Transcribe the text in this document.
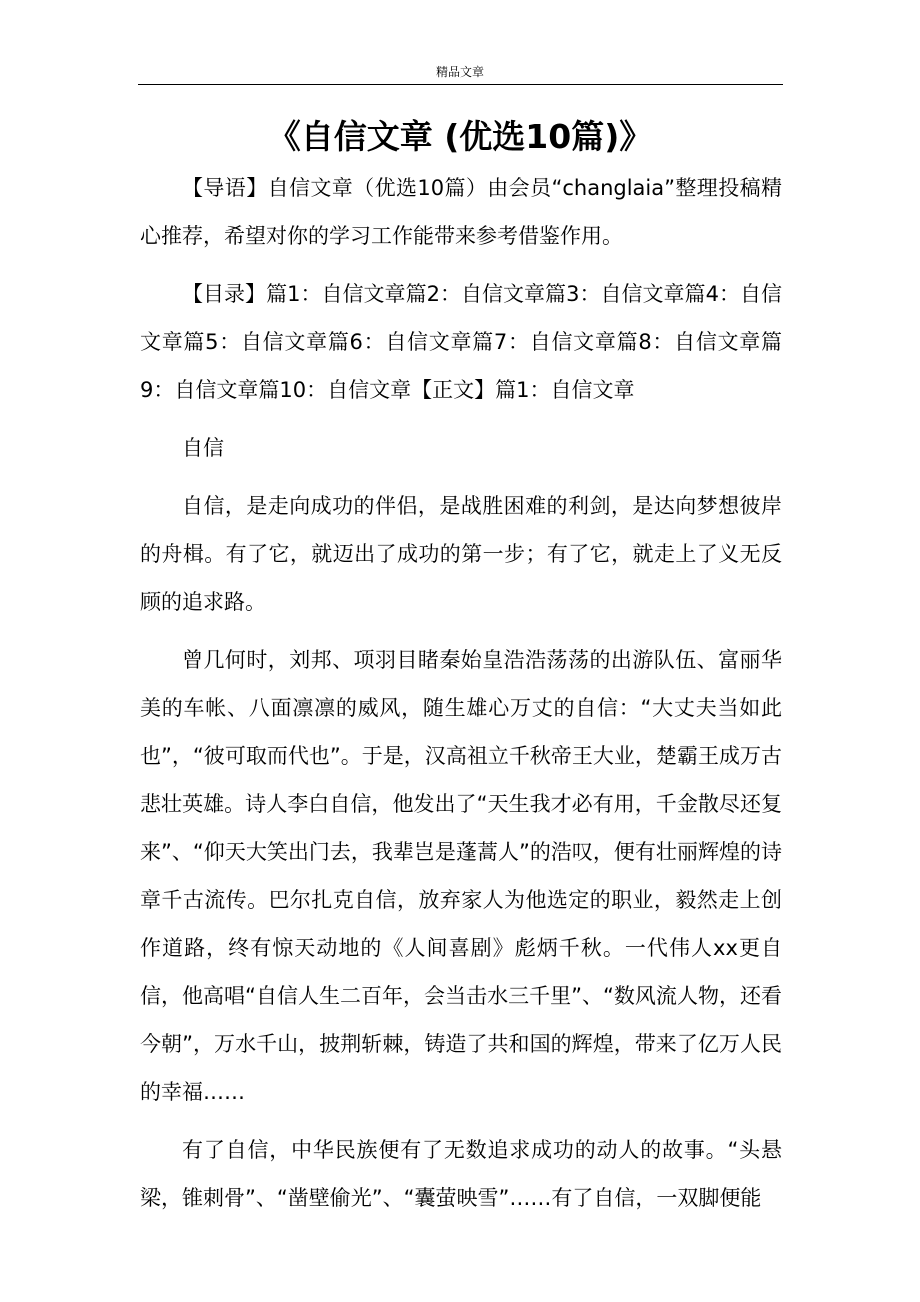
精品文章
《自信文章 (优选10篇)》

【导语】自信文章（优选10篇）由会员“changlaia”整理投稿精心推荐，希望对你的学习工作能带来参考借鉴作用。

【目录】篇1：自信文章篇2：自信文章篇3：自信文章篇4：自信文章篇5：自信文章篇6：自信文章篇7：自信文章篇8：自信文章篇9：自信文章篇10：自信文章【正文】篇1：自信文章

自信

自信，是走向成功的伴侣，是战胜困难的利剑，是达向梦想彼岸的舟楫。有了它，就迈出了成功的第一步；有了它，就走上了义无反顾的追求路。

曾几何时，刘邦、项羽目睹秦始皇浩浩荡荡的出游队伍、富丽华美的车帐、八面凛凛的威风，随生雄心万丈的自信：“大丈夫当如此也”，“彼可取而代也”。于是，汉高祖立千秋帝王大业，楚霸王成万古悲壮英雄。诗人李白自信，他发出了“天生我才必有用，千金散尽还复来”、“仰天大笑出门去，我辈岂是蓬蒿人”的浩叹，便有壮丽辉煌的诗章千古流传。巴尔扎克自信，放弃家人为他选定的职业，毅然走上创作道路，终有惊天动地的《人间喜剧》彪炳千秋。一代伟人xx更自信，他高唱“自信人生二百年，会当击水三千里”、“数风流人物，还看今朝”，万水千山，披荆斩棘，铸造了共和国的辉煌，带来了亿万人民的幸福……

有了自信，中华民族便有了无数追求成功的动人的故事。“头悬梁，锥刺骨”、“凿壁偷光”、“囊萤映雪”……有了自信，一双脚便能
